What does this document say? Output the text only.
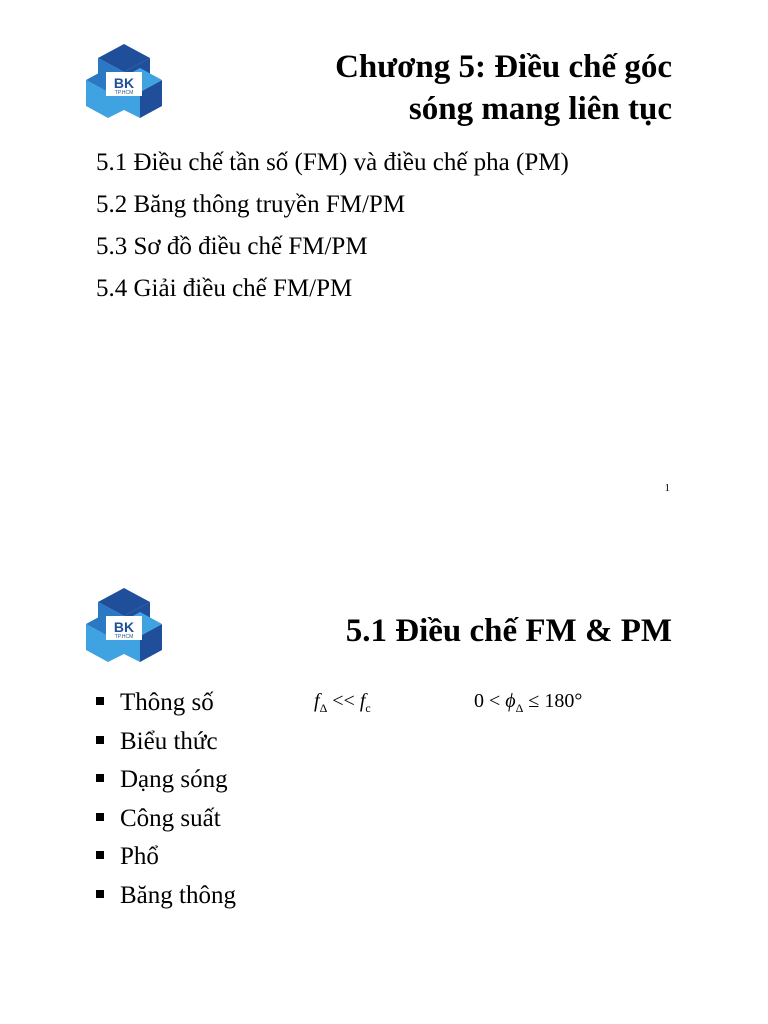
BK
TP.HCM
Chương 5: Điều chế góc
sóng mang liên tục
5.1 Điều chế tần số (FM) và điều chế pha (PM)
5.2 Băng thông truyền FM/PM
5.3 Sơ đồ điều chế FM/PM
5.4 Giải điều chế FM/PM
1
BK
TP.HCM	5.1 Điều chế FM & PM
Thông số
Biểu thức
Dạng sóng
Công suất
Phổ
Băng thông
$f_\Delta << f_c$	$0 < \phi_\Delta \le 180^\circ$
